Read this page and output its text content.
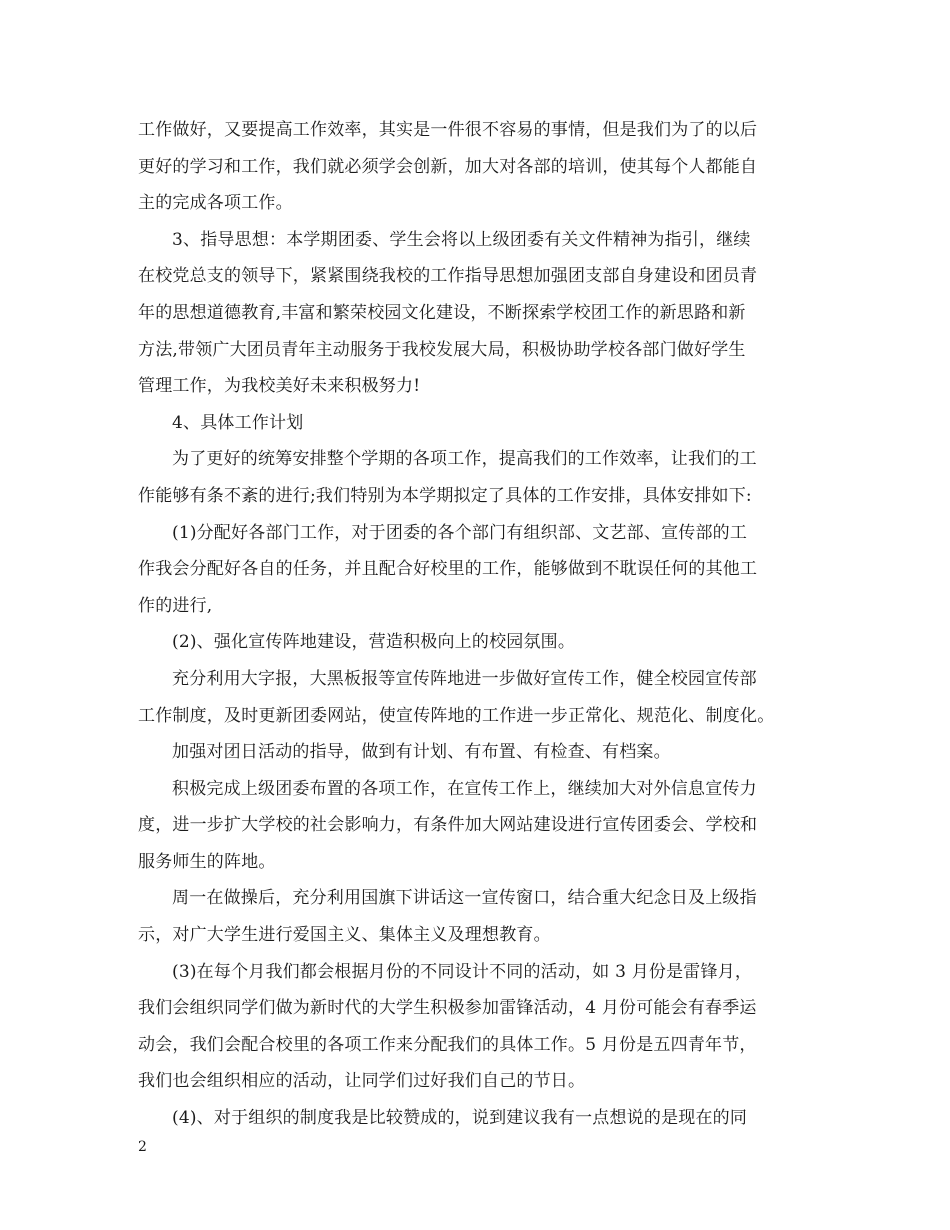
工作做好，又要提高工作效率，其实是一件很不容易的事情，但是我们为了的以后
更好的学习和工作，我们就必须学会创新，加大对各部的培训，使其每个人都能自
主的完成各项工作。
3、指导思想：本学期团委、学生会将以上级团委有关文件精神为指引，继续
在校党总支的领导下，紧紧围绕我校的工作指导思想加强团支部自身建设和团员青
年的思想道德教育,丰富和繁荣校园文化建设，不断探索学校团工作的新思路和新
方法,带领广大团员青年主动服务于我校发展大局，积极协助学校各部门做好学生
管理工作，为我校美好未来积极努力!
4、具体工作计划
为了更好的统筹安排整个学期的各项工作，提高我们的工作效率，让我们的工
作能够有条不紊的进行;我们特别为本学期拟定了具体的工作安排，具体安排如下:
(1)分配好各部门工作，对于团委的各个部门有组织部、文艺部、宣传部的工
作我会分配好各自的任务，并且配合好校里的工作，能够做到不耽误任何的其他工
作的进行,
(2)、强化宣传阵地建设，营造积极向上的校园氛围。
充分利用大字报，大黑板报等宣传阵地进一步做好宣传工作，健全校园宣传部
工作制度，及时更新团委网站，使宣传阵地的工作进一步正常化、规范化、制度化。
加强对团日活动的指导，做到有计划、有布置、有检查、有档案。
积极完成上级团委布置的各项工作，在宣传工作上，继续加大对外信息宣传力
度，进一步扩大学校的社会影响力，有条件加大网站建设进行宣传团委会、学校和
服务师生的阵地。
周一在做操后，充分利用国旗下讲话这一宣传窗口，结合重大纪念日及上级指
示，对广大学生进行爱国主义、集体主义及理想教育。
(3)在每个月我们都会根据月份的不同设计不同的活动，如 3 月份是雷锋月，
我们会组织同学们做为新时代的大学生积极参加雷锋活动，4 月份可能会有春季运
动会，我们会配合校里的各项工作来分配我们的具体工作。5 月份是五四青年节，
我们也会组织相应的活动，让同学们过好我们自己的节日。
(4)、对于组织的制度我是比较赞成的，说到建议我有一点想说的是现在的同
2
